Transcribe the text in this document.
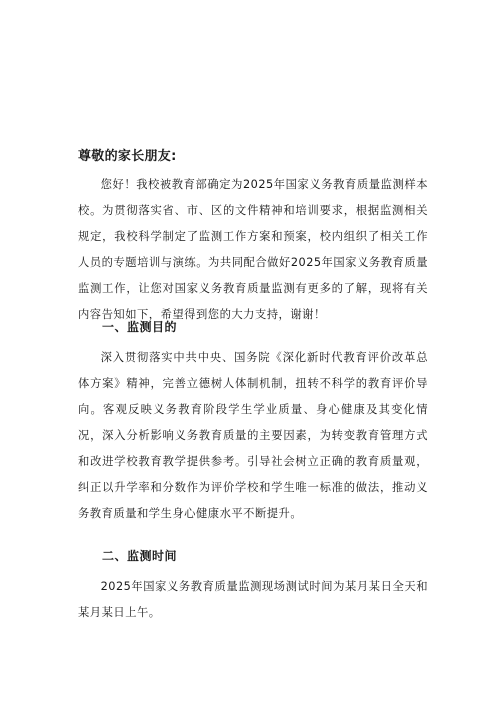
尊敬的家长朋友:

您好！我校被教育部确定为2025年国家义务教育质量监测样本校。为贯彻落实省、市、区的文件精神和培训要求，根据监测相关规定，我校科学制定了监测工作方案和预案，校内组织了相关工作人员的专题培训与演练。为共同配合做好2025年国家义务教育质量监测工作，让您对国家义务教育质量监测有更多的了解，现将有关内容告知如下，希望得到您的大力支持，谢谢！

一、监测目的

深入贯彻落实中共中央、国务院《深化新时代教育评价改革总体方案》精神，完善立德树人体制机制，扭转不科学的教育评价导向。客观反映义务教育阶段学生学业质量、身心健康及其变化情况，深入分析影响义务教育质量的主要因素，为转变教育管理方式和改进学校教育教学提供参考。引导社会树立正确的教育质量观，纠正以升学率和分数作为评价学校和学生唯一标准的做法，推动义务教育质量和学生身心健康水平不断提升。

二、监测时间

2025年国家义务教育质量监测现场测试时间为某月某日全天和某月某日上午。
